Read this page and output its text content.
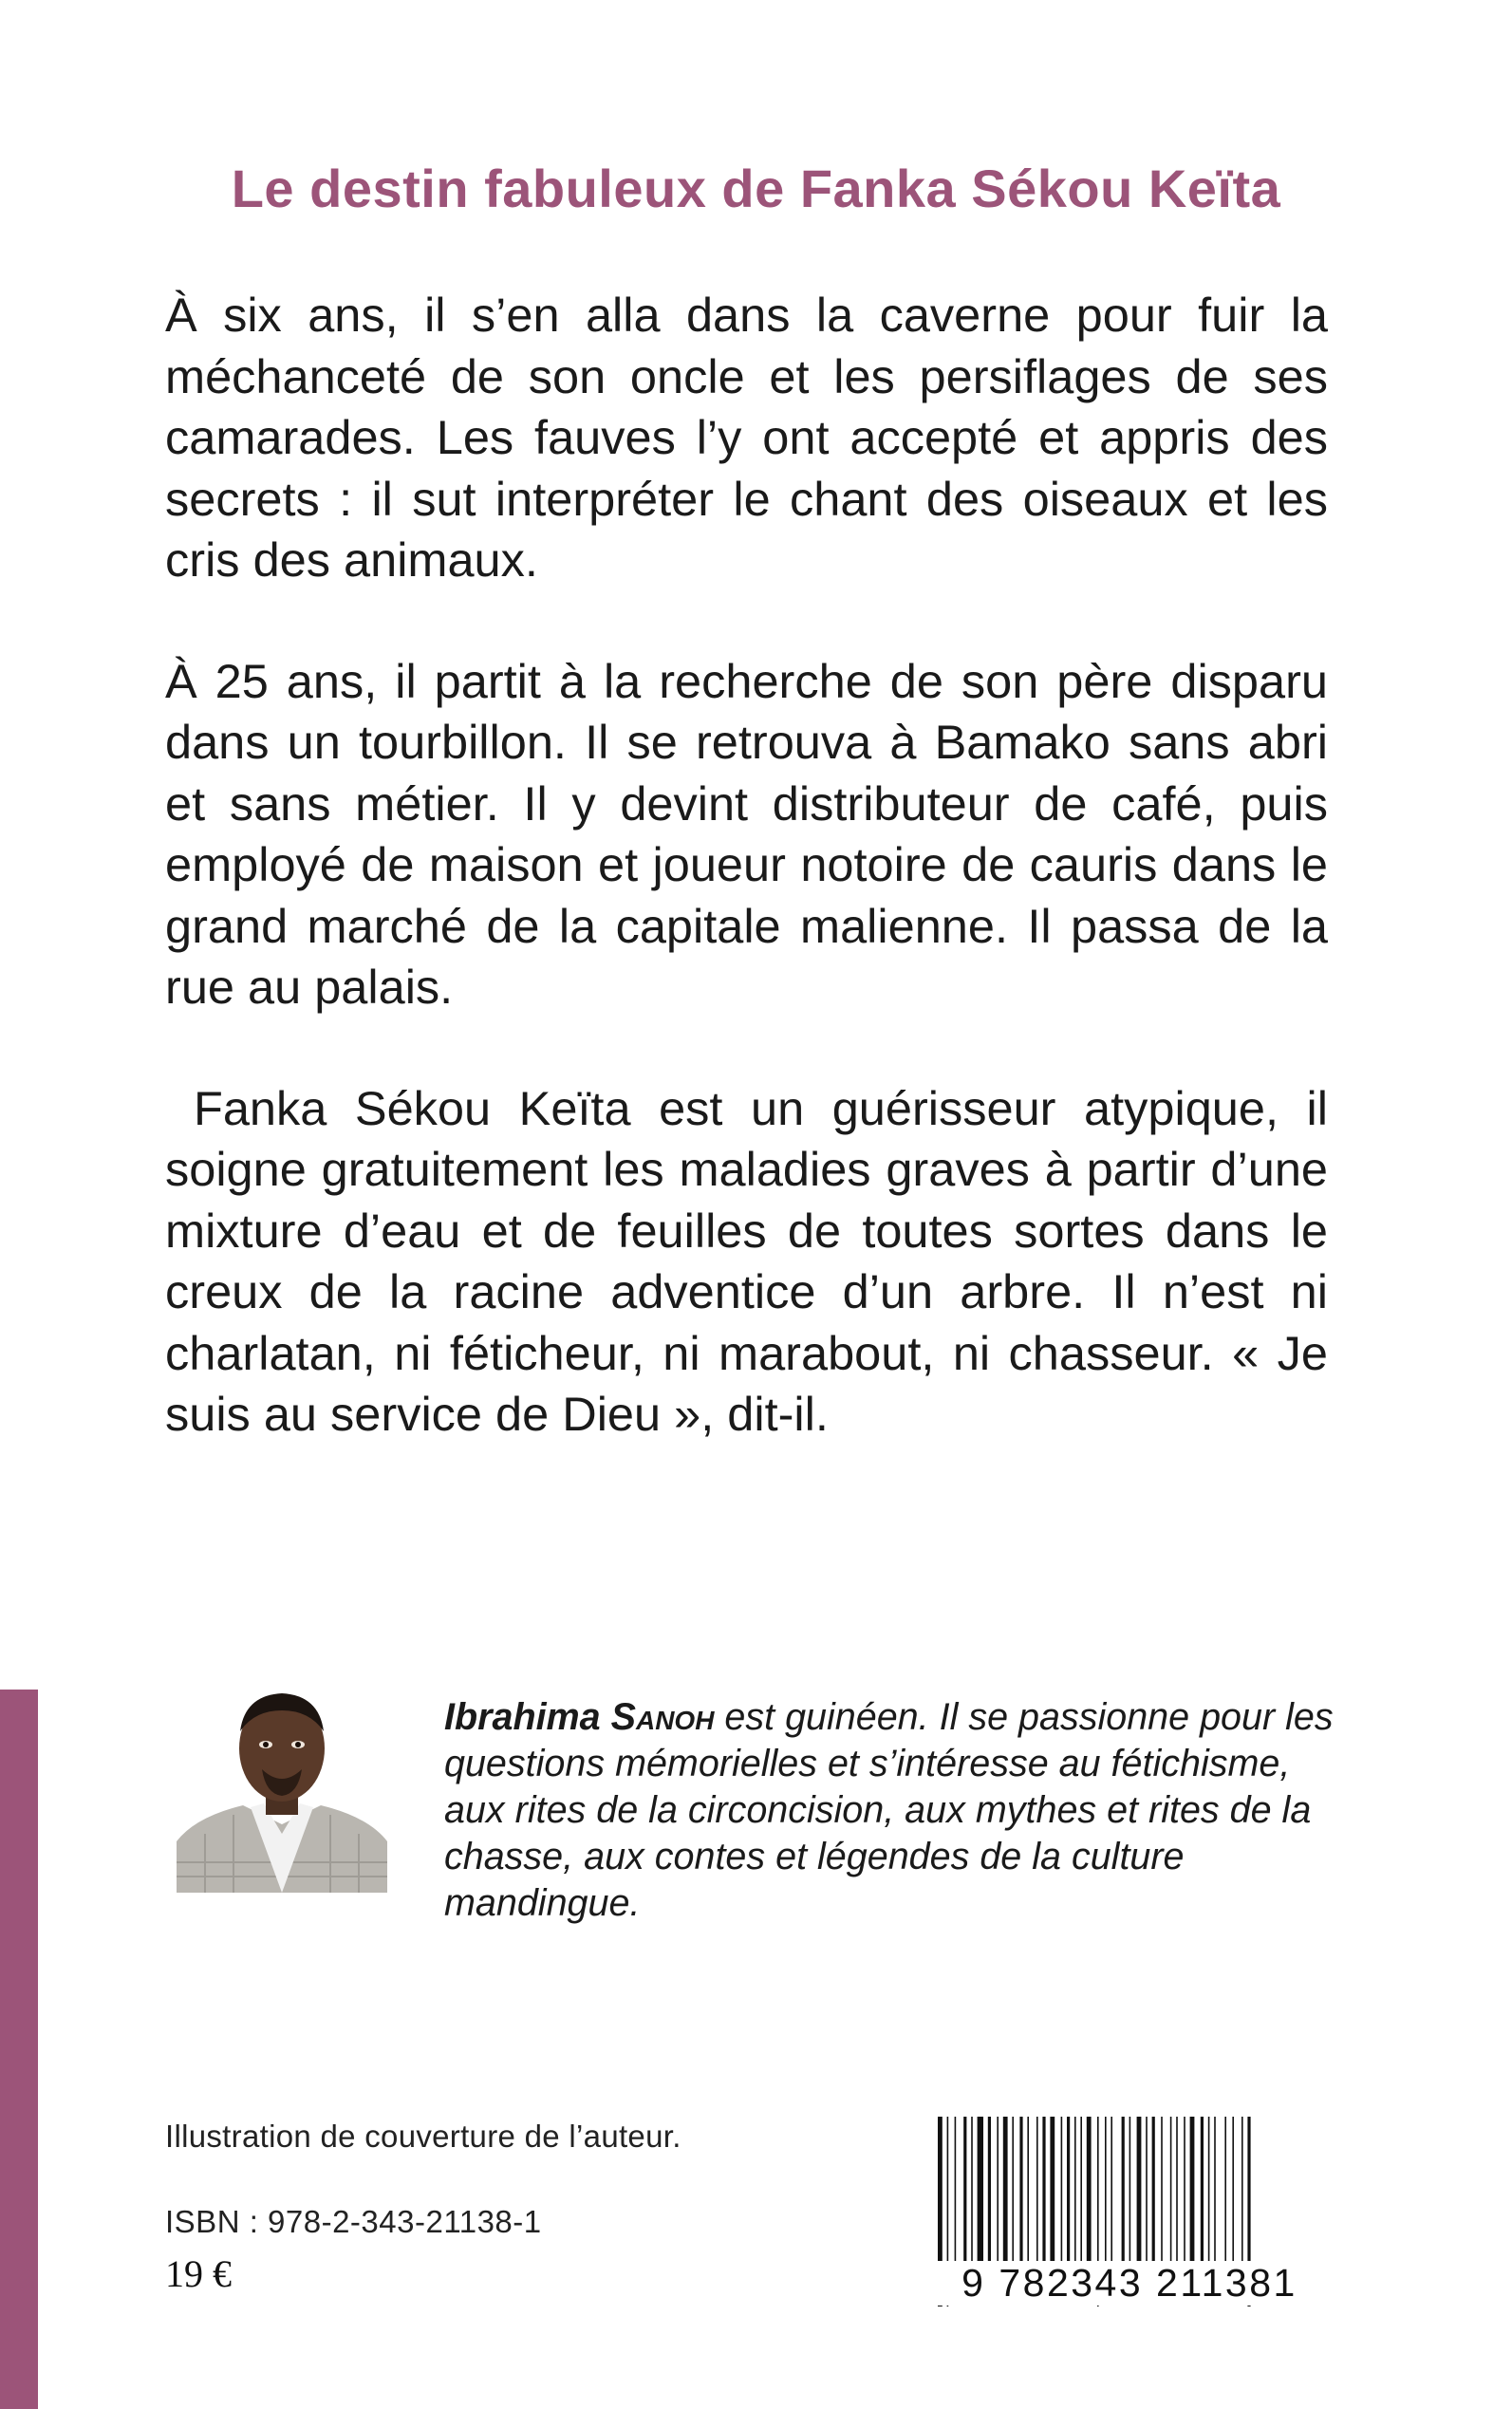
Le destin fabuleux de Fanka Sékou Keïta

À six ans, il s’en alla dans la caverne pour fuir la méchanceté de son oncle et les persiflages de ses camarades. Les fauves l’y ont accepté et appris des secrets : il sut interpréter le chant des oiseaux et les cris des animaux.

À 25 ans, il partit à la recherche de son père disparu dans un tourbillon. Il se retrouva à Bamako sans abri et sans métier. Il y devint distributeur de café, puis employé de maison et joueur notoire de cauris dans le grand marché de la capitale malienne. Il passa de la rue au palais.

Fanka Sékou Keïta est un guérisseur atypique, il soigne gratuitement les maladies graves à partir d’une mixture d’eau et de feuilles de toutes sortes dans le creux de la racine adventice d’un arbre. Il n’est ni charlatan, ni féticheur, ni marabout, ni chasseur. « Je suis au service de Dieu », dit-il.

Ibrahima Sanoh est guinéen. Il se passionne pour les questions mémorielles et s’intéresse au fétichisme, aux rites de la circoncision, aux mythes et rites de la chasse, aux contes et légendes de la culture mandingue.
Illustration de couverture de l’auteur.
ISBN : 978-2-343-21138-1
19 €	9 782343 211381
